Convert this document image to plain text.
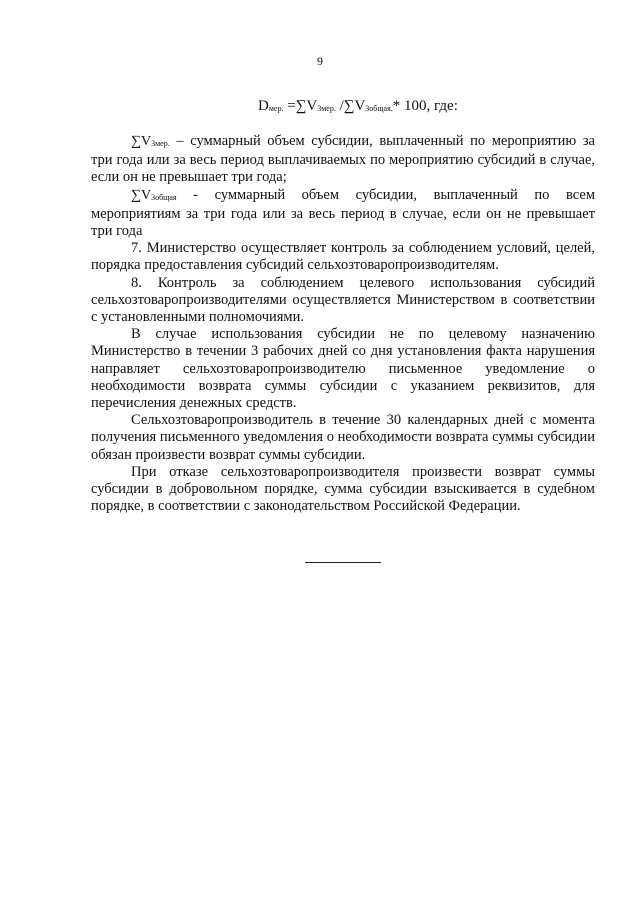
9
Dмер. =∑V3мер. /∑V3общая.* 100, где:

∑V3мер. – суммарный объем субсидии, выплаченный по мероприятию за три года или за весь период выплачиваемых по мероприятию субсидий в случае, если он не превышает три года;

∑V3общая - суммарный объем субсидии, выплаченный по всем мероприятиям за три года или за весь период в случае, если он не превышает три года

7. Министерство осуществляет контроль за соблюдением условий, целей, порядка предоставления субсидий сельхозтоваропроизводителям.

8. Контроль за соблюдением целевого использования субсидий сельхозтоваропроизводителями осуществляется Министерством в соответствии с установленными полномочиями.

В случае использования субсидии не по целевому назначению Министерство в течении 3 рабочих дней со дня установления факта нарушения направляет сельхозтоваропроизводителю письменное уведомление о необходимости возврата суммы субсидии с указанием реквизитов, для перечисления денежных средств.

Сельхозтоваропроизводитель в течение 30 календарных дней с момента получения письменного уведомления о необходимости возврата суммы субсидии обязан произвести возврат суммы субсидии.

При отказе сельхозтоваропроизводителя произвести возврат суммы субсидии в добровольном порядке, сумма субсидии взыскивается в судебном порядке, в соответствии с законодательством Российской Федерации.
